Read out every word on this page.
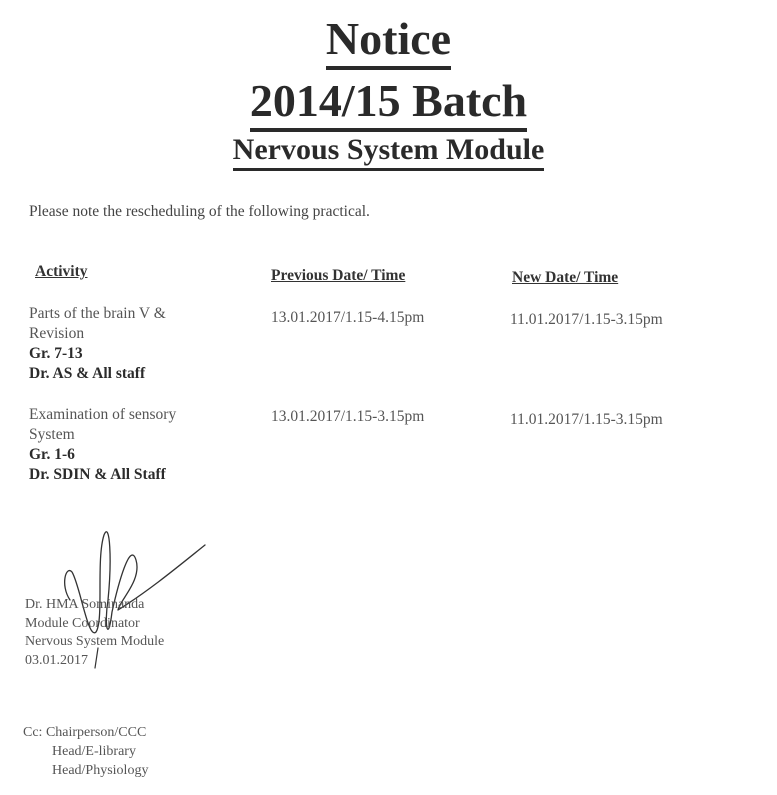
Notice
2014/15 Batch
Nervous System Module
Please note the rescheduling of the following practical.
Activity	Previous Date/ Time	New Date/ Time
Parts of the brain V &
Revision
Gr. 7-13
Dr. AS & All staff
13.01.2017/1.15-4.15pm	11.01.2017/1.15-3.15pm
Examination of sensory
System
Gr. 1-6
Dr. SDIN & All Staff
13.01.2017/1.15-3.15pm	11.01.2017/1.15-3.15pm
Dr. HMA Sominanda
Module Coordinator
Nervous System Module
03.01.2017
Cc: Chairperson/CCC
Head/E-library
Head/Physiology
